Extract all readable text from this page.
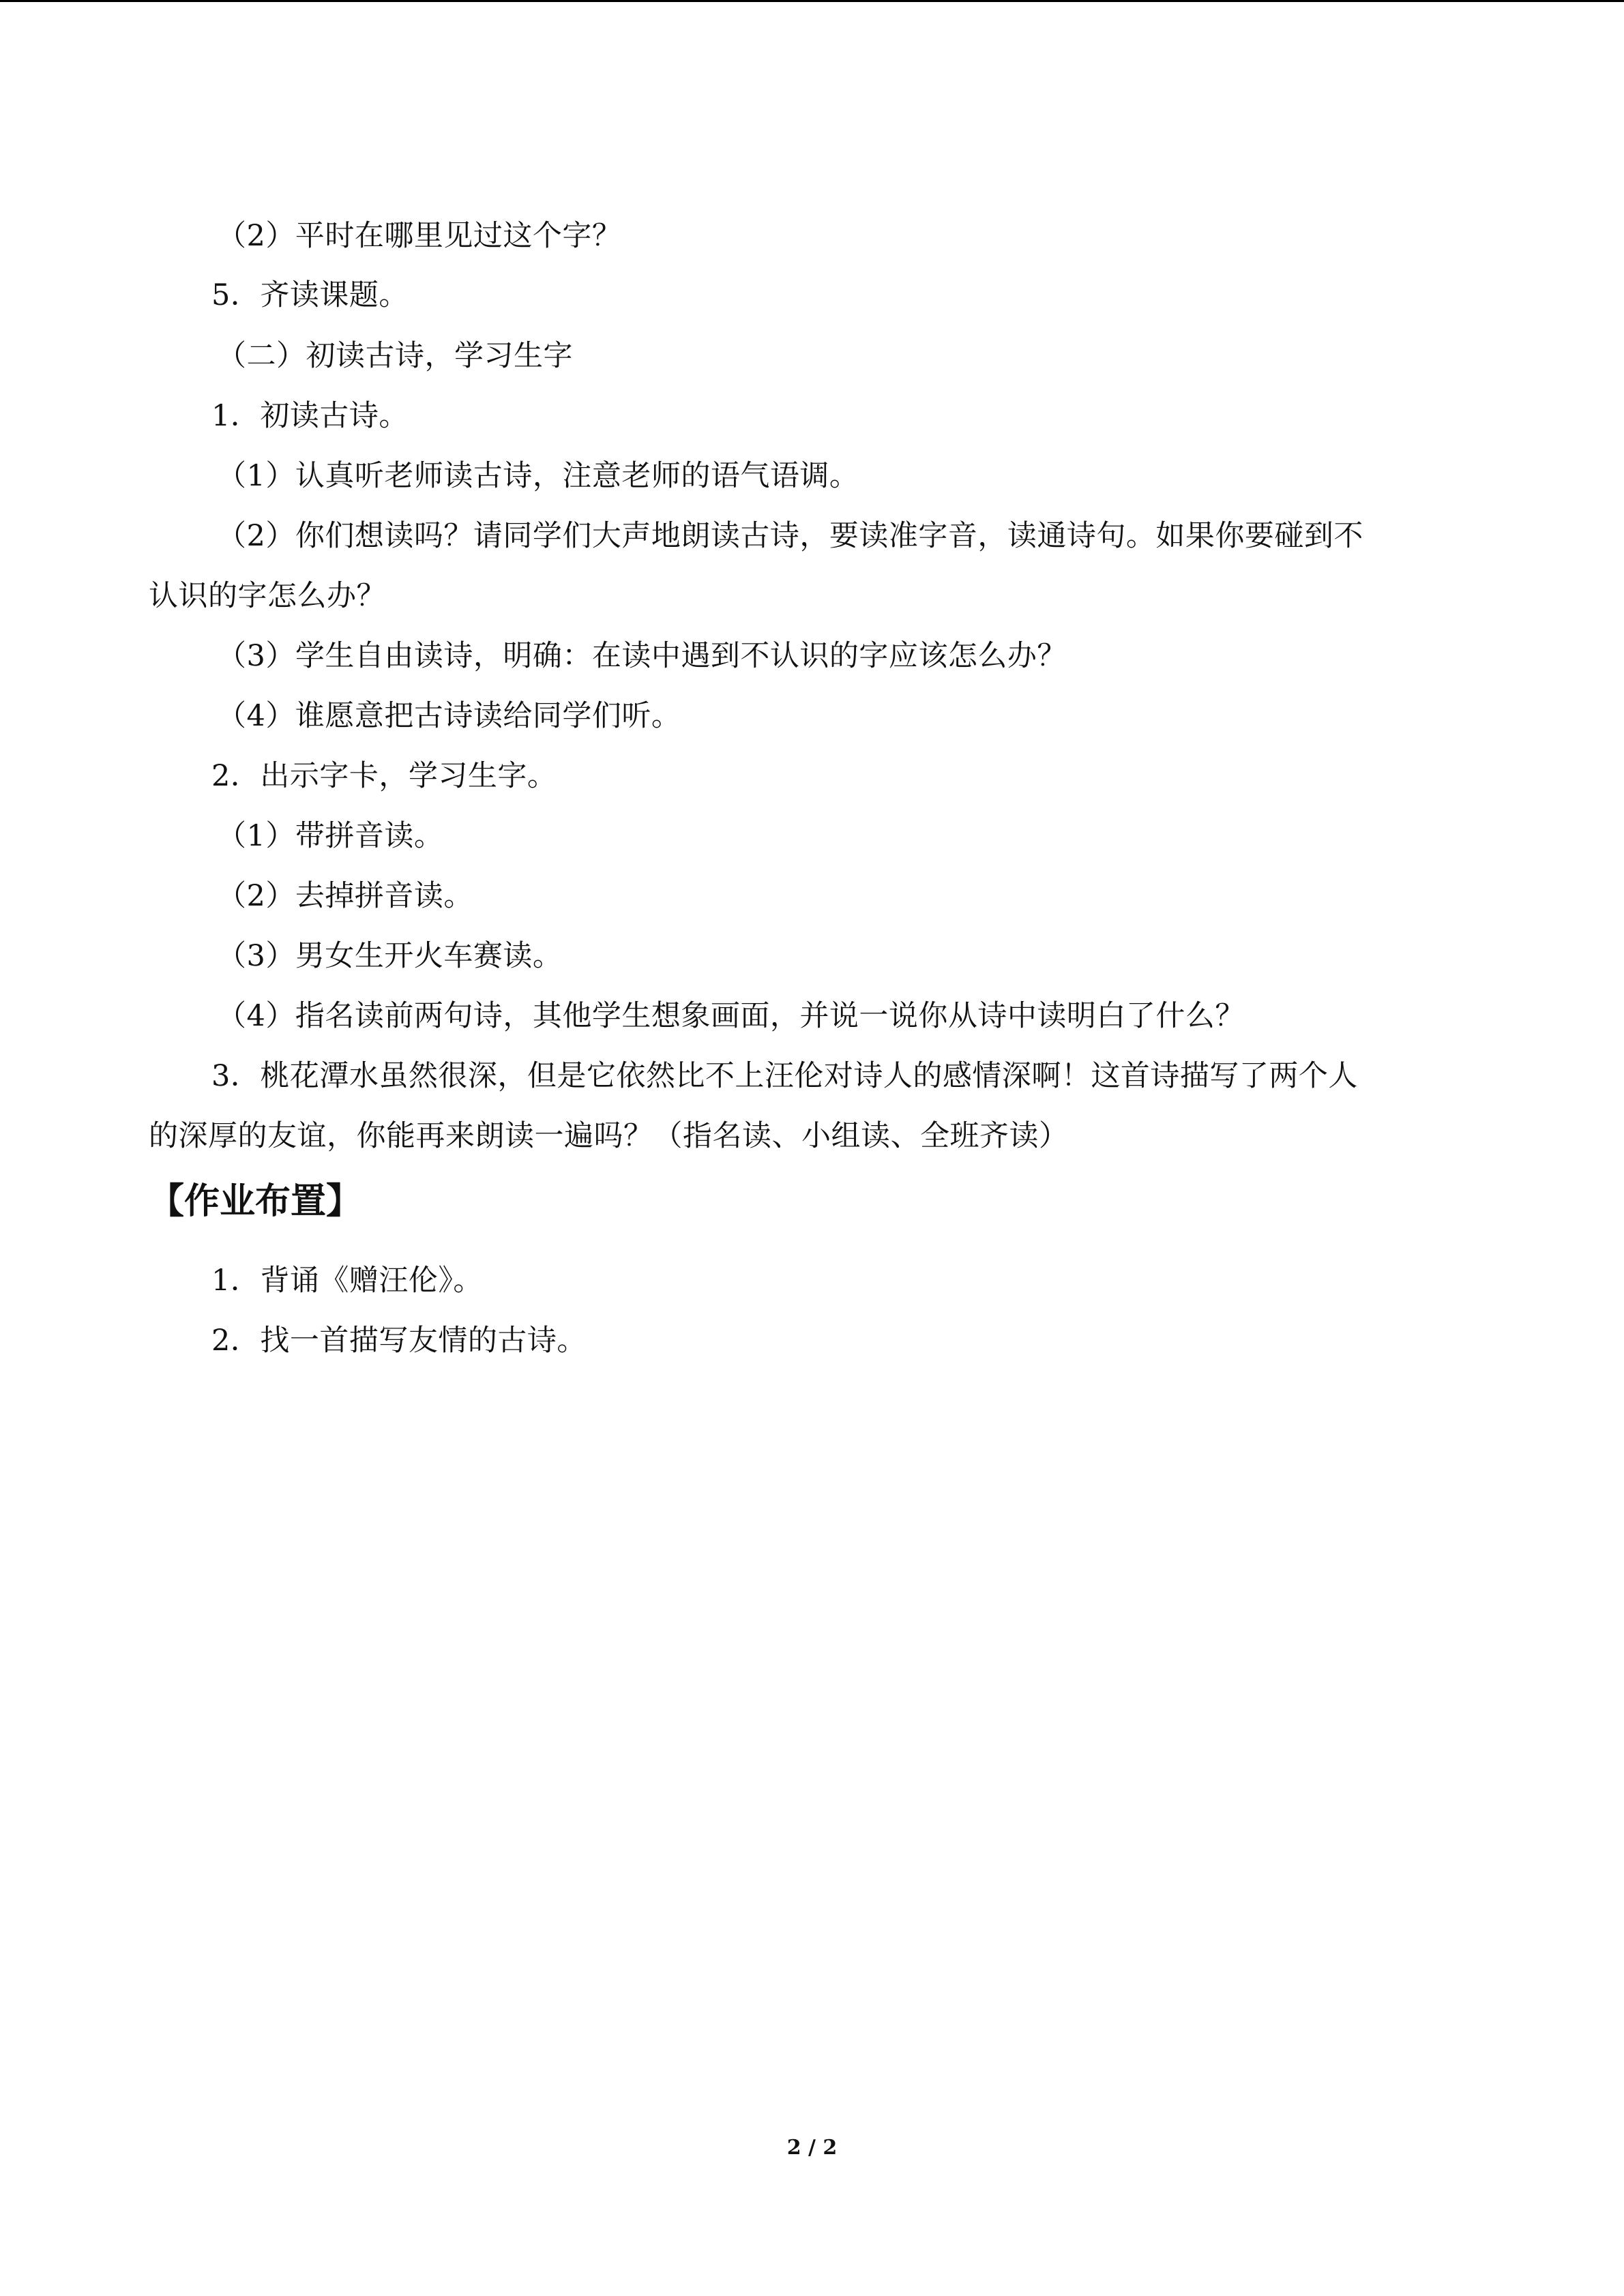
（2）平时在哪里见过这个字？
5．齐读课题。
（二）初读古诗，学习生字
1．初读古诗。
（1）认真听老师读古诗，注意老师的语气语调。
（2）你们想读吗？请同学们大声地朗读古诗，要读准字音，读通诗句。如果你要碰到不
认识的字怎么办？
（3）学生自由读诗，明确：在读中遇到不认识的字应该怎么办？
（4）谁愿意把古诗读给同学们听。
2．出示字卡，学习生字。
（1）带拼音读。
（2）去掉拼音读。
（3）男女生开火车赛读。
（4）指名读前两句诗，其他学生想象画面，并说一说你从诗中读明白了什么？
3．桃花潭水虽然很深，但是它依然比不上汪伦对诗人的感情深啊！这首诗描写了两个人
的深厚的友谊，你能再来朗读一遍吗？（指名读、小组读、全班齐读）
【作业布置】
1．背诵《赠汪伦》。
2．找一首描写友情的古诗。
2 / 2
